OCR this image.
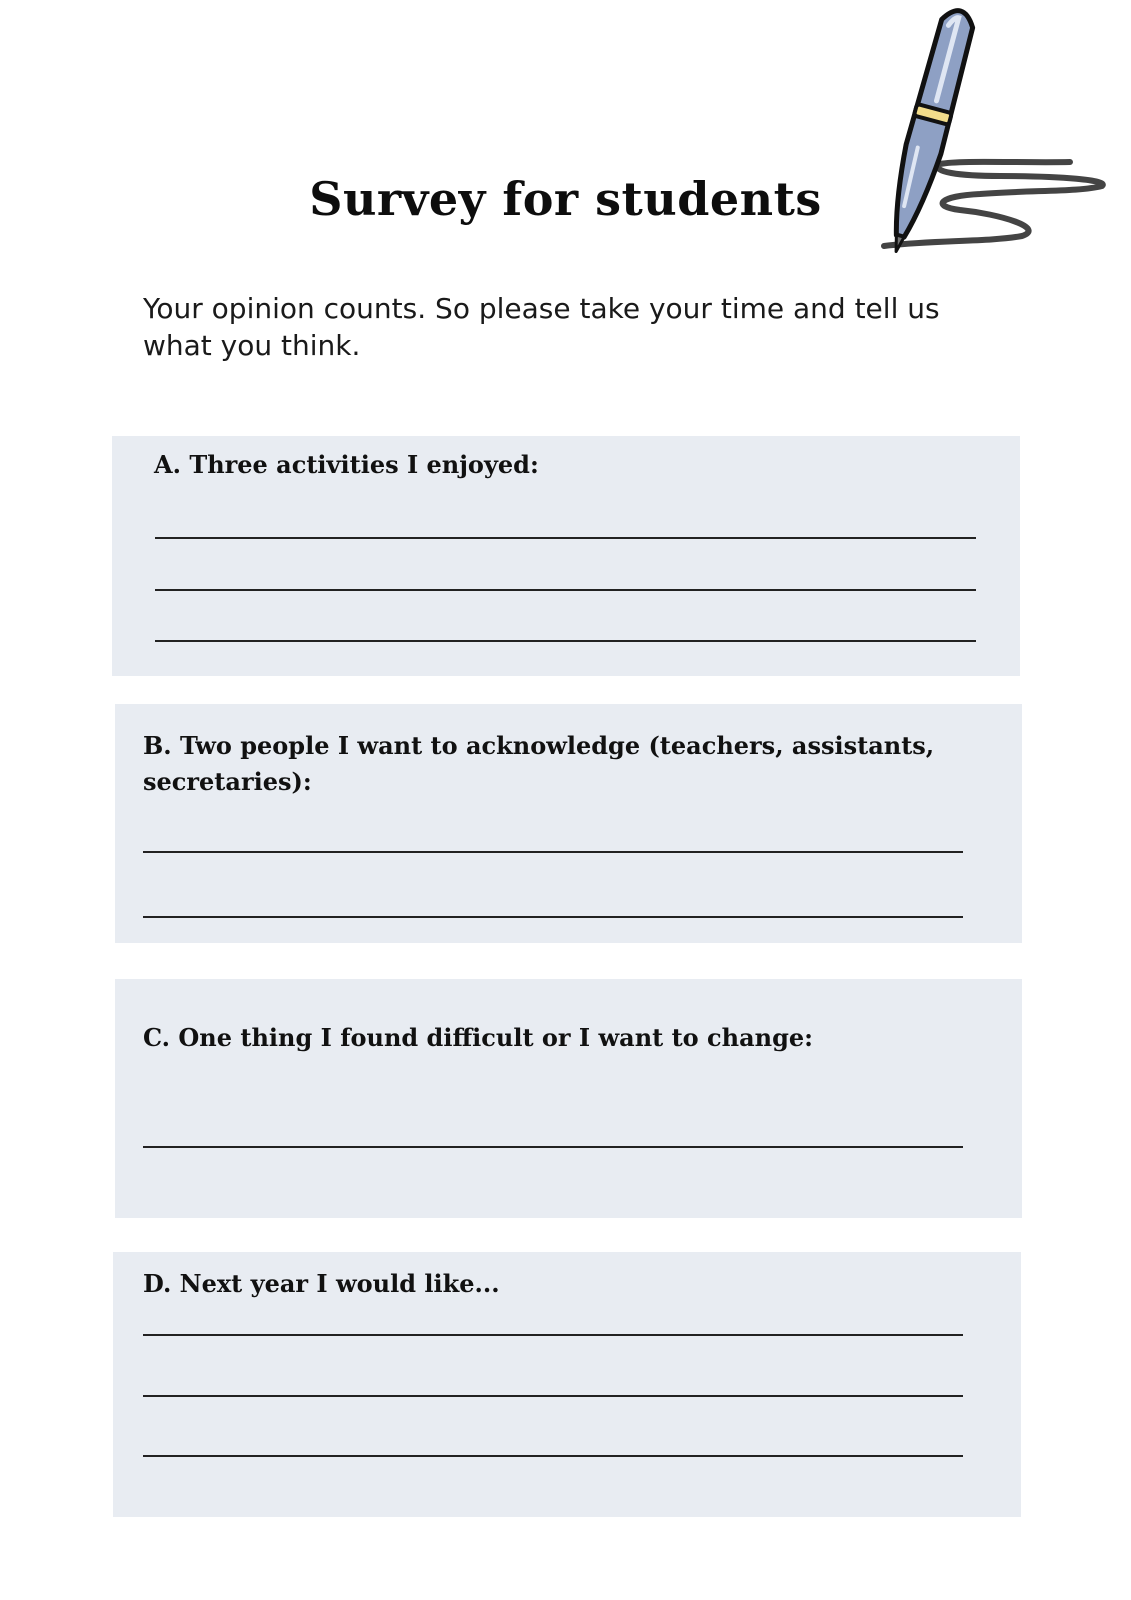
Survey for students

Your opinion counts. So please take your time and tell us what you think.

A. Three activities I enjoyed:

B. Two people I want to acknowledge (teachers, assistants, secretaries):

C. One thing I found difficult or I want to change:

D. Next year I would like...
